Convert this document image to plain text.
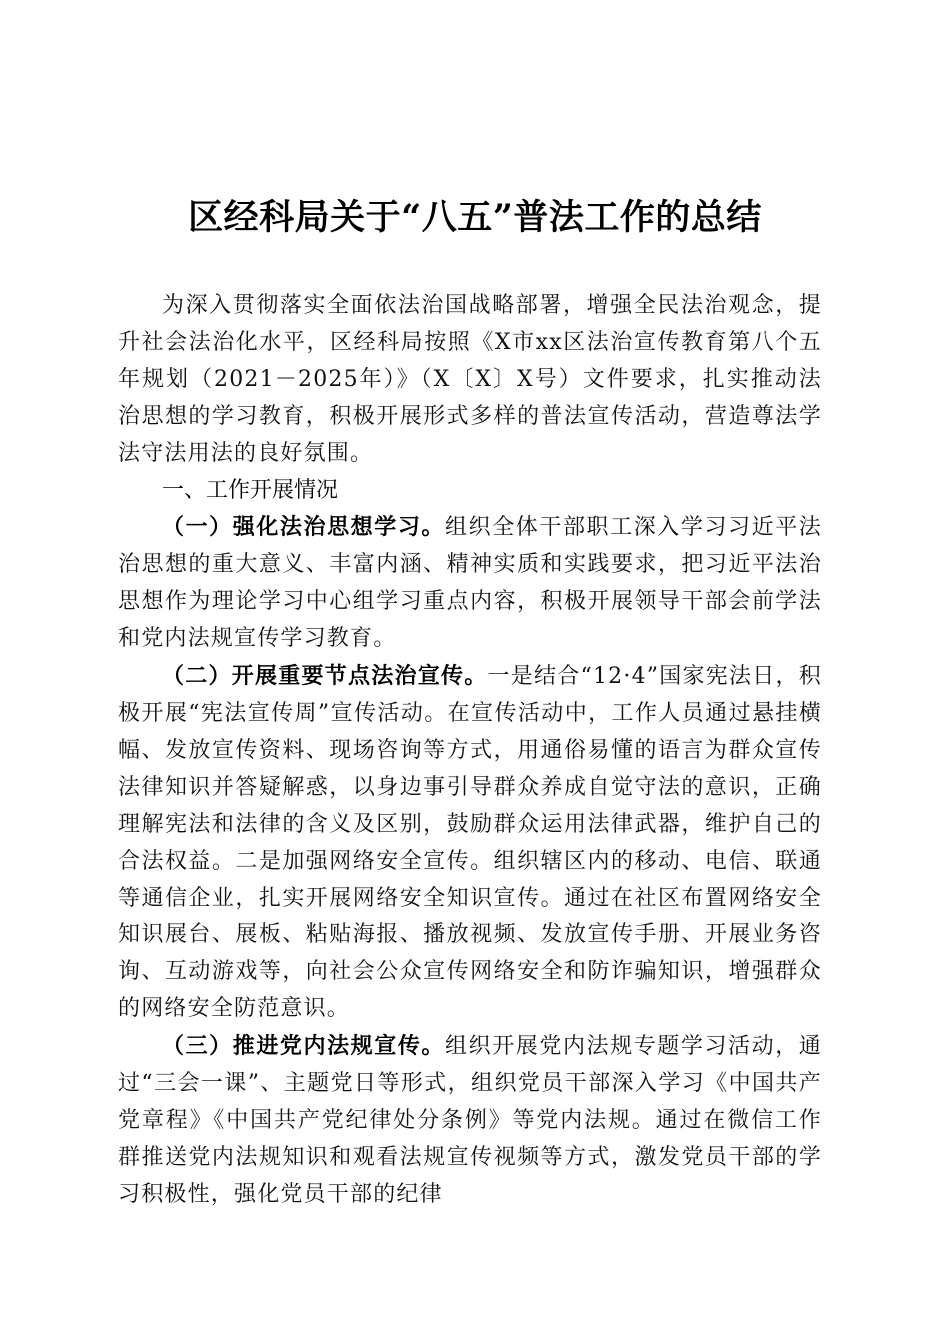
区经科局关于“八五”普法工作的总结

为深入贯彻落实全面依法治国战略部署，增强全民法治观念，提升社会法治化水平，区经科局按照《X市xx区法治宣传教育第八个五年规划（2021－2025年）》（X〔X〕X号）文件要求，扎实推动法治思想的学习教育，积极开展形式多样的普法宣传活动，营造尊法学法守法用法的良好氛围。

一、工作开展情况

（一）强化法治思想学习。组织全体干部职工深入学习习近平法治思想的重大意义、丰富内涵、精神实质和实践要求，把习近平法治思想作为理论学习中心组学习重点内容，积极开展领导干部会前学法和党内法规宣传学习教育。

（二）开展重要节点法治宣传。一是结合“12·4”国家宪法日，积极开展“宪法宣传周”宣传活动。在宣传活动中，工作人员通过悬挂横幅、发放宣传资料、现场咨询等方式，用通俗易懂的语言为群众宣传法律知识并答疑解惑，以身边事引导群众养成自觉守法的意识，正确理解宪法和法律的含义及区别，鼓励群众运用法律武器，维护自己的合法权益。二是加强网络安全宣传。组织辖区内的移动、电信、联通等通信企业，扎实开展网络安全知识宣传。通过在社区布置网络安全知识展台、展板、粘贴海报、播放视频、发放宣传手册、开展业务咨询、互动游戏等，向社会公众宣传网络安全和防诈骗知识，增强群众的网络安全防范意识。

（三）推进党内法规宣传。组织开展党内法规专题学习活动，通过“三会一课”、主题党日等形式，组织党员干部深入学习《中国共产党章程》《中国共产党纪律处分条例》等党内法规。通过在微信工作群推送党内法规知识和观看法规宣传视频等方式，激发党员干部的学习积极性，强化党员干部的纪律
